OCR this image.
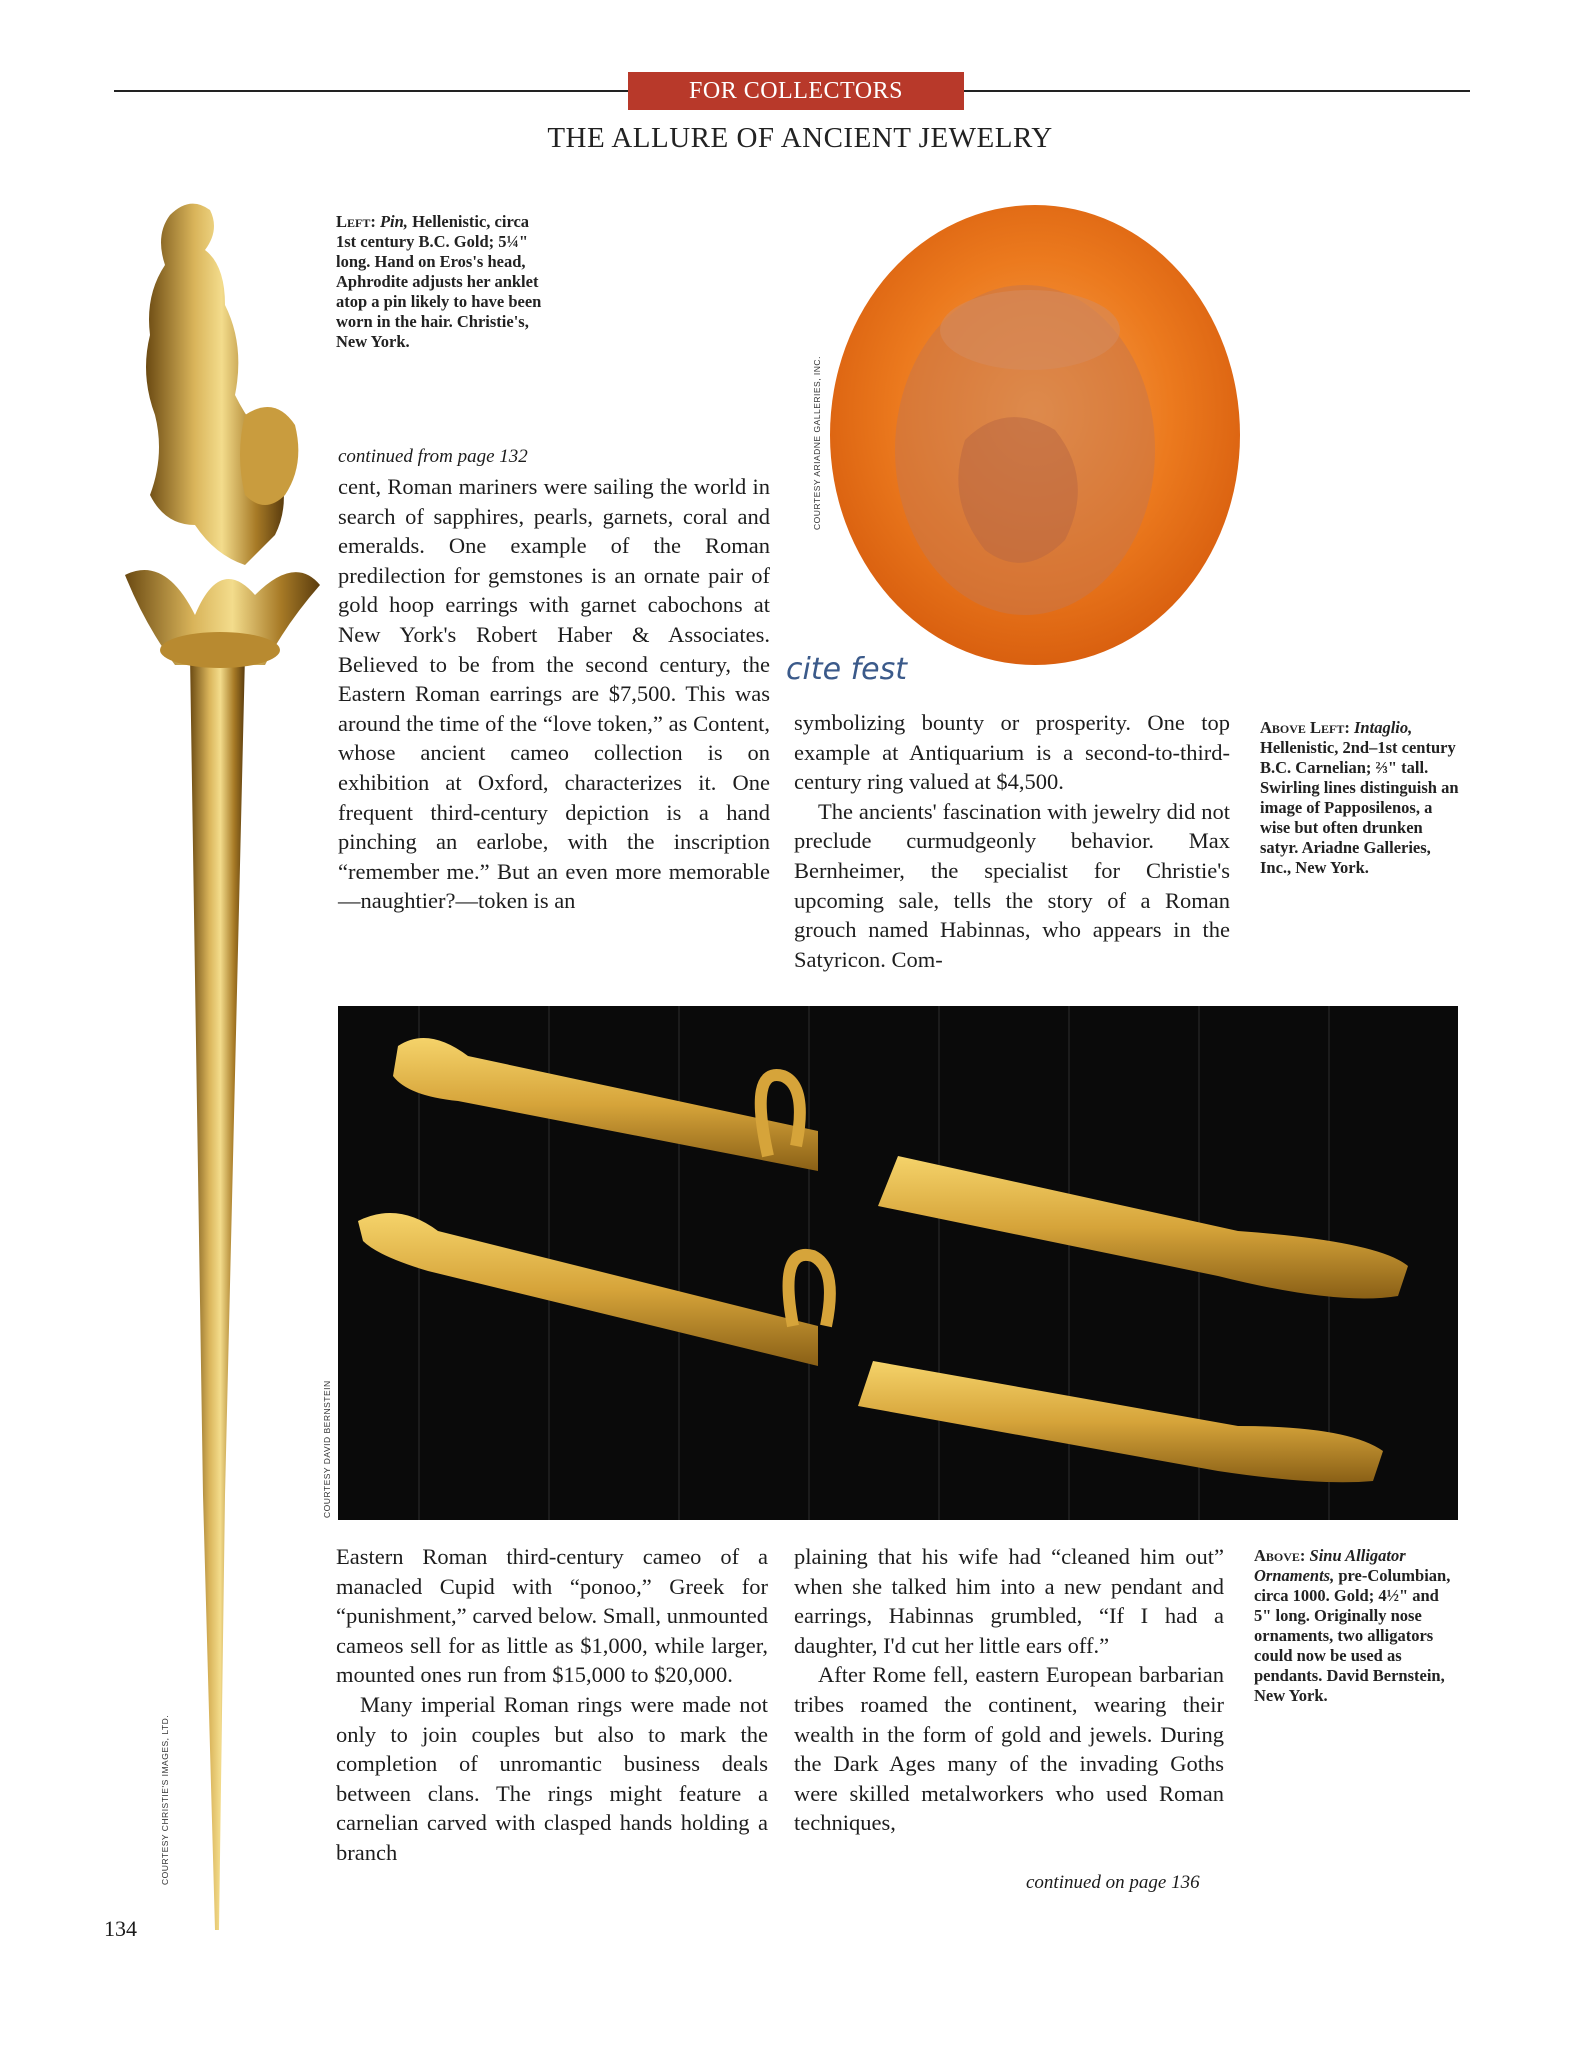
FOR COLLECTORS
THE ALLURE OF ANCIENT JEWELRY
Left: Pin, Hellenistic, circa 1st century B.C. Gold; 5¼" long. Hand on Eros's head, Aphrodite adjusts her anklet atop a pin likely to have been worn in the hair. Christie's, New York.
COURTESY ARIADNE GALLERIES, INC.
cite fest
continued from page 132

cent, Roman mariners were sailing the world in search of sapphires, pearls, garnets, coral and emeralds. One example of the Roman predilection for gemstones is an ornate pair of gold hoop earrings with garnet cabochons at New York's Robert Haber & Associates. Believed to be from the second century, the Eastern Roman earrings are $7,500. This was around the time of the “love token,” as Content, whose ancient cameo collection is on exhibition at Oxford, characterizes it. One frequent third-century depiction is a hand pinching an earlobe, with the inscription “remember me.” But an even more memorable—naughtier?—token is an

symbolizing bounty or prosperity. One top example at Antiquarium is a second-to-third-century ring valued at $4,500.

The ancients' fascination with jewelry did not preclude curmudgeonly behavior. Max Bernheimer, the specialist for Christie's upcoming sale, tells the story of a Roman grouch named Habinnas, who appears in the Satyricon. Com-

Above Left: Intaglio, Hellenistic, 2nd–1st century B.C. Carnelian; ⅔" tall. Swirling lines distinguish an image of Papposilenos, a wise but often drunken satyr. Ariadne Galleries, Inc., New York.
COURTESY DAVID BERNSTEIN

Eastern Roman third-century cameo of a manacled Cupid with “ponoo,” Greek for “punishment,” carved below. Small, unmounted cameos sell for as little as $1,000, while larger, mounted ones run from $15,000 to $20,000.

Many imperial Roman rings were made not only to join couples but also to mark the completion of unromantic business deals between clans. The rings might feature a carnelian carved with clasped hands holding a branch

plaining that his wife had “cleaned him out” when she talked him into a new pendant and earrings, Habinnas grumbled, “If I had a daughter, I'd cut her little ears off.”

After Rome fell, eastern European barbarian tribes roamed the continent, wearing their wealth in the form of gold and jewels. During the Dark Ages many of the invading Goths were skilled metalworkers who used Roman techniques,

continued on page 136
Above: Sinu Alligator Ornaments, pre-Columbian, circa 1000. Gold; 4½" and 5" long. Originally nose ornaments, two alligators could now be used as pendants. David Bernstein, New York.
COURTESY CHRISTIE'S IMAGES, LTD.
134
